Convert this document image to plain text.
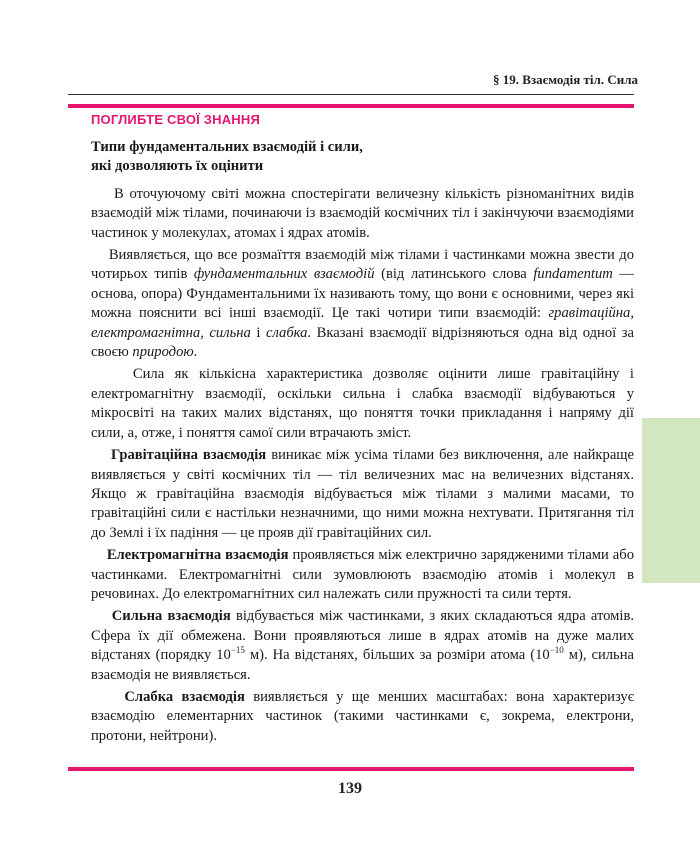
§ 19. Взаємодія тіл. Сила
ПОГЛИБТЕ СВОЇ ЗНАННЯ
Типи фундаментальних взаємодій і сили,
які дозволяють їх оцінити

В оточуючому світі можна спостерігати величезну кількість різноманітних видів взаємодій між тілами, починаючи із взаємодій космічних тіл і закінчуючи взаємодіями частинок у молекулах, атомах і ядрах атомів.

Виявляється, що все розмаїття взаємодій між тілами і частинками можна звести до чотирьох типів фундаментальних взаємодій (від латинського слова fundamentum — основа, опора) Фундаментальними їх називають тому, що вони є основними, через які можна пояснити всі інші взаємодії. Це такі чотири типи взаємодій: гравітаційна, електромагнітна, сильна і слабка. Вказані взаємодії відрізняються одна від одної за своєю природою.

Сила як кількісна характеристика дозволяє оцінити лише гравітаційну і електромагнітну взаємодії, оскільки сильна і слабка взаємодії відбуваються у мікросвіті на таких малих відстанях, що поняття точки прикладання і напряму дії сили, а, отже, і поняття самої сили втрачають зміст.

Гравітаційна взаємодія виникає між усіма тілами без виключення, але найкраще виявляється у світі космічних тіл — тіл величезних мас на величезних відстанях. Якщо ж гравітаційна взаємодія відбувається між тілами з малими масами, то гравітаційні сили є настільки незначними, що ними можна нехтувати. Притягання тіл до Землі і їх падіння — це прояв дії гравітаційних сил.

Електромагнітна взаємодія проявляється між електрично зарядженими тілами або частинками. Електромагнітні сили зумовлюють взаємодію атомів і молекул в речовинах. До електромагнітних сил належать сили пружності та сили тертя.

Сильна взаємодія відбувається між частинками, з яких складаються ядра атомів. Сфера їх дії обмежена. Вони проявляються лише в ядрах атомів на дуже малих відстанях (порядку $10^{-15}$ м). На відстанях, більших за розміри атома ($10^{-10}$ м), сильна взаємодія не виявляється.

Слабка взаємодія виявляється у ще менших масштабах: вона характеризує взаємодію елементарних частинок (такими частинками є, зокрема, електрони, протони, нейтрони).

139
